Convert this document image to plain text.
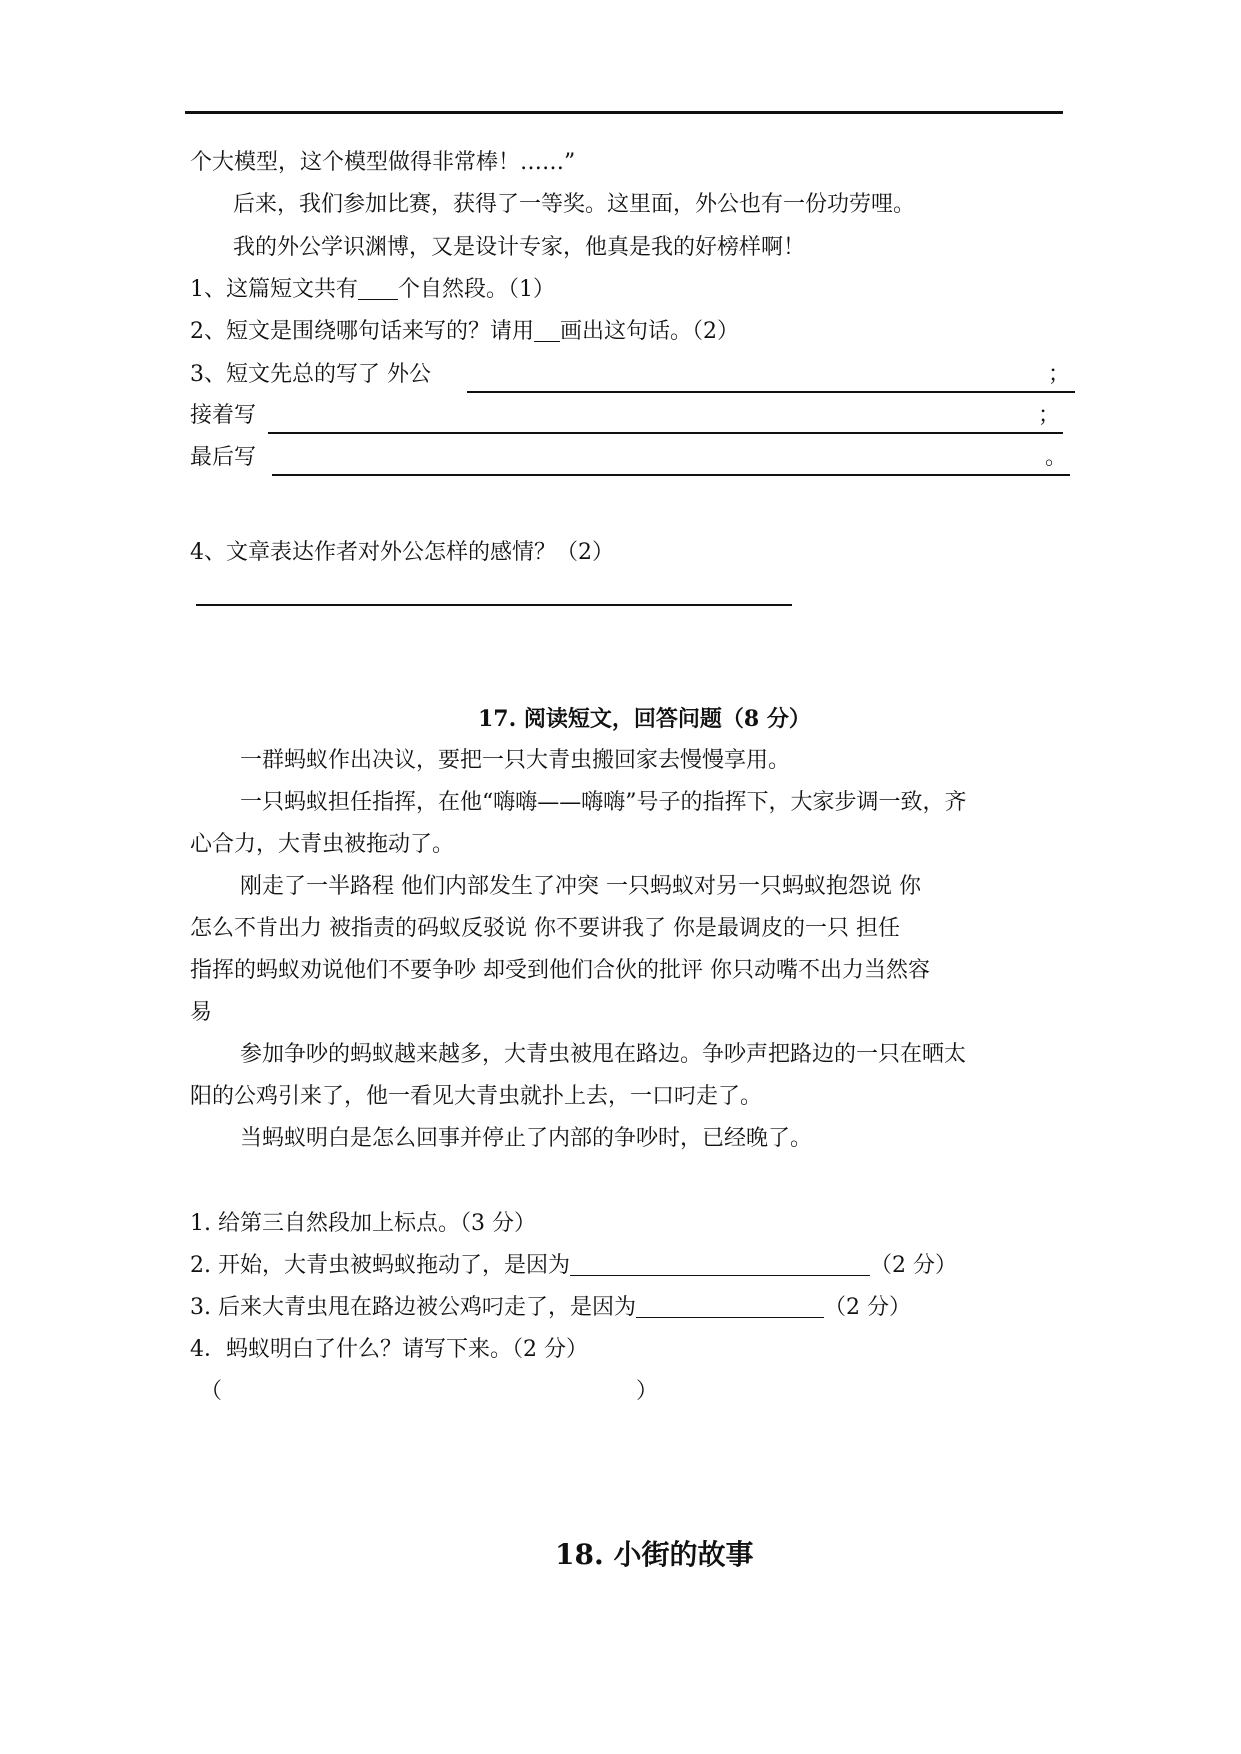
个大模型，这个模型做得非常棒！……”
后来，我们参加比赛，获得了一等奖。这里面，外公也有一份功劳哩。
我的外公学识渊博，又是设计专家，他真是我的好榜样啊！
1、这篇短文共有 个自然段。（1）
2、短文是围绕哪句话来写的？请用 画出这句话。（2）
3、短文先总的写了 外公	；
接着写	；
最后写	。
4、文章表达作者对外公怎样的感情？（2）
17. 阅读短文，回答问题（8 分）
一群蚂蚁作出决议，要把一只大青虫搬回家去慢慢享用。
一只蚂蚁担任指挥，在他“嗨嗨——嗨嗨”号子的指挥下，大家步调一致，齐
心合力，大青虫被拖动了。
刚走了一半路程 他们内部发生了冲突 一只蚂蚁对另一只蚂蚁抱怨说 你
怎么不肯出力 被指责的码蚁反驳说 你不要讲我了 你是最调皮的一只 担任
指挥的蚂蚁劝说他们不要争吵 却受到他们合伙的批评 你只动嘴不出力当然容
易
参加争吵的蚂蚁越来越多，大青虫被甩在路边。争吵声把路边的一只在晒太
阳的公鸡引来了，他一看见大青虫就扑上去，一口叼走了。
当蚂蚁明白是怎么回事并停止了内部的争吵时，已经晚了。
1. 给第三自然段加上标点。（3 分）
2. 开始，大青虫被蚂蚁拖动了，是因为	（2 分）
3. 后来大青虫甩在路边被公鸡叼走了，是因为	（2 分）
4．蚂蚁明白了什么？请写下来。（2 分）
（	）
18. 小街的故事
